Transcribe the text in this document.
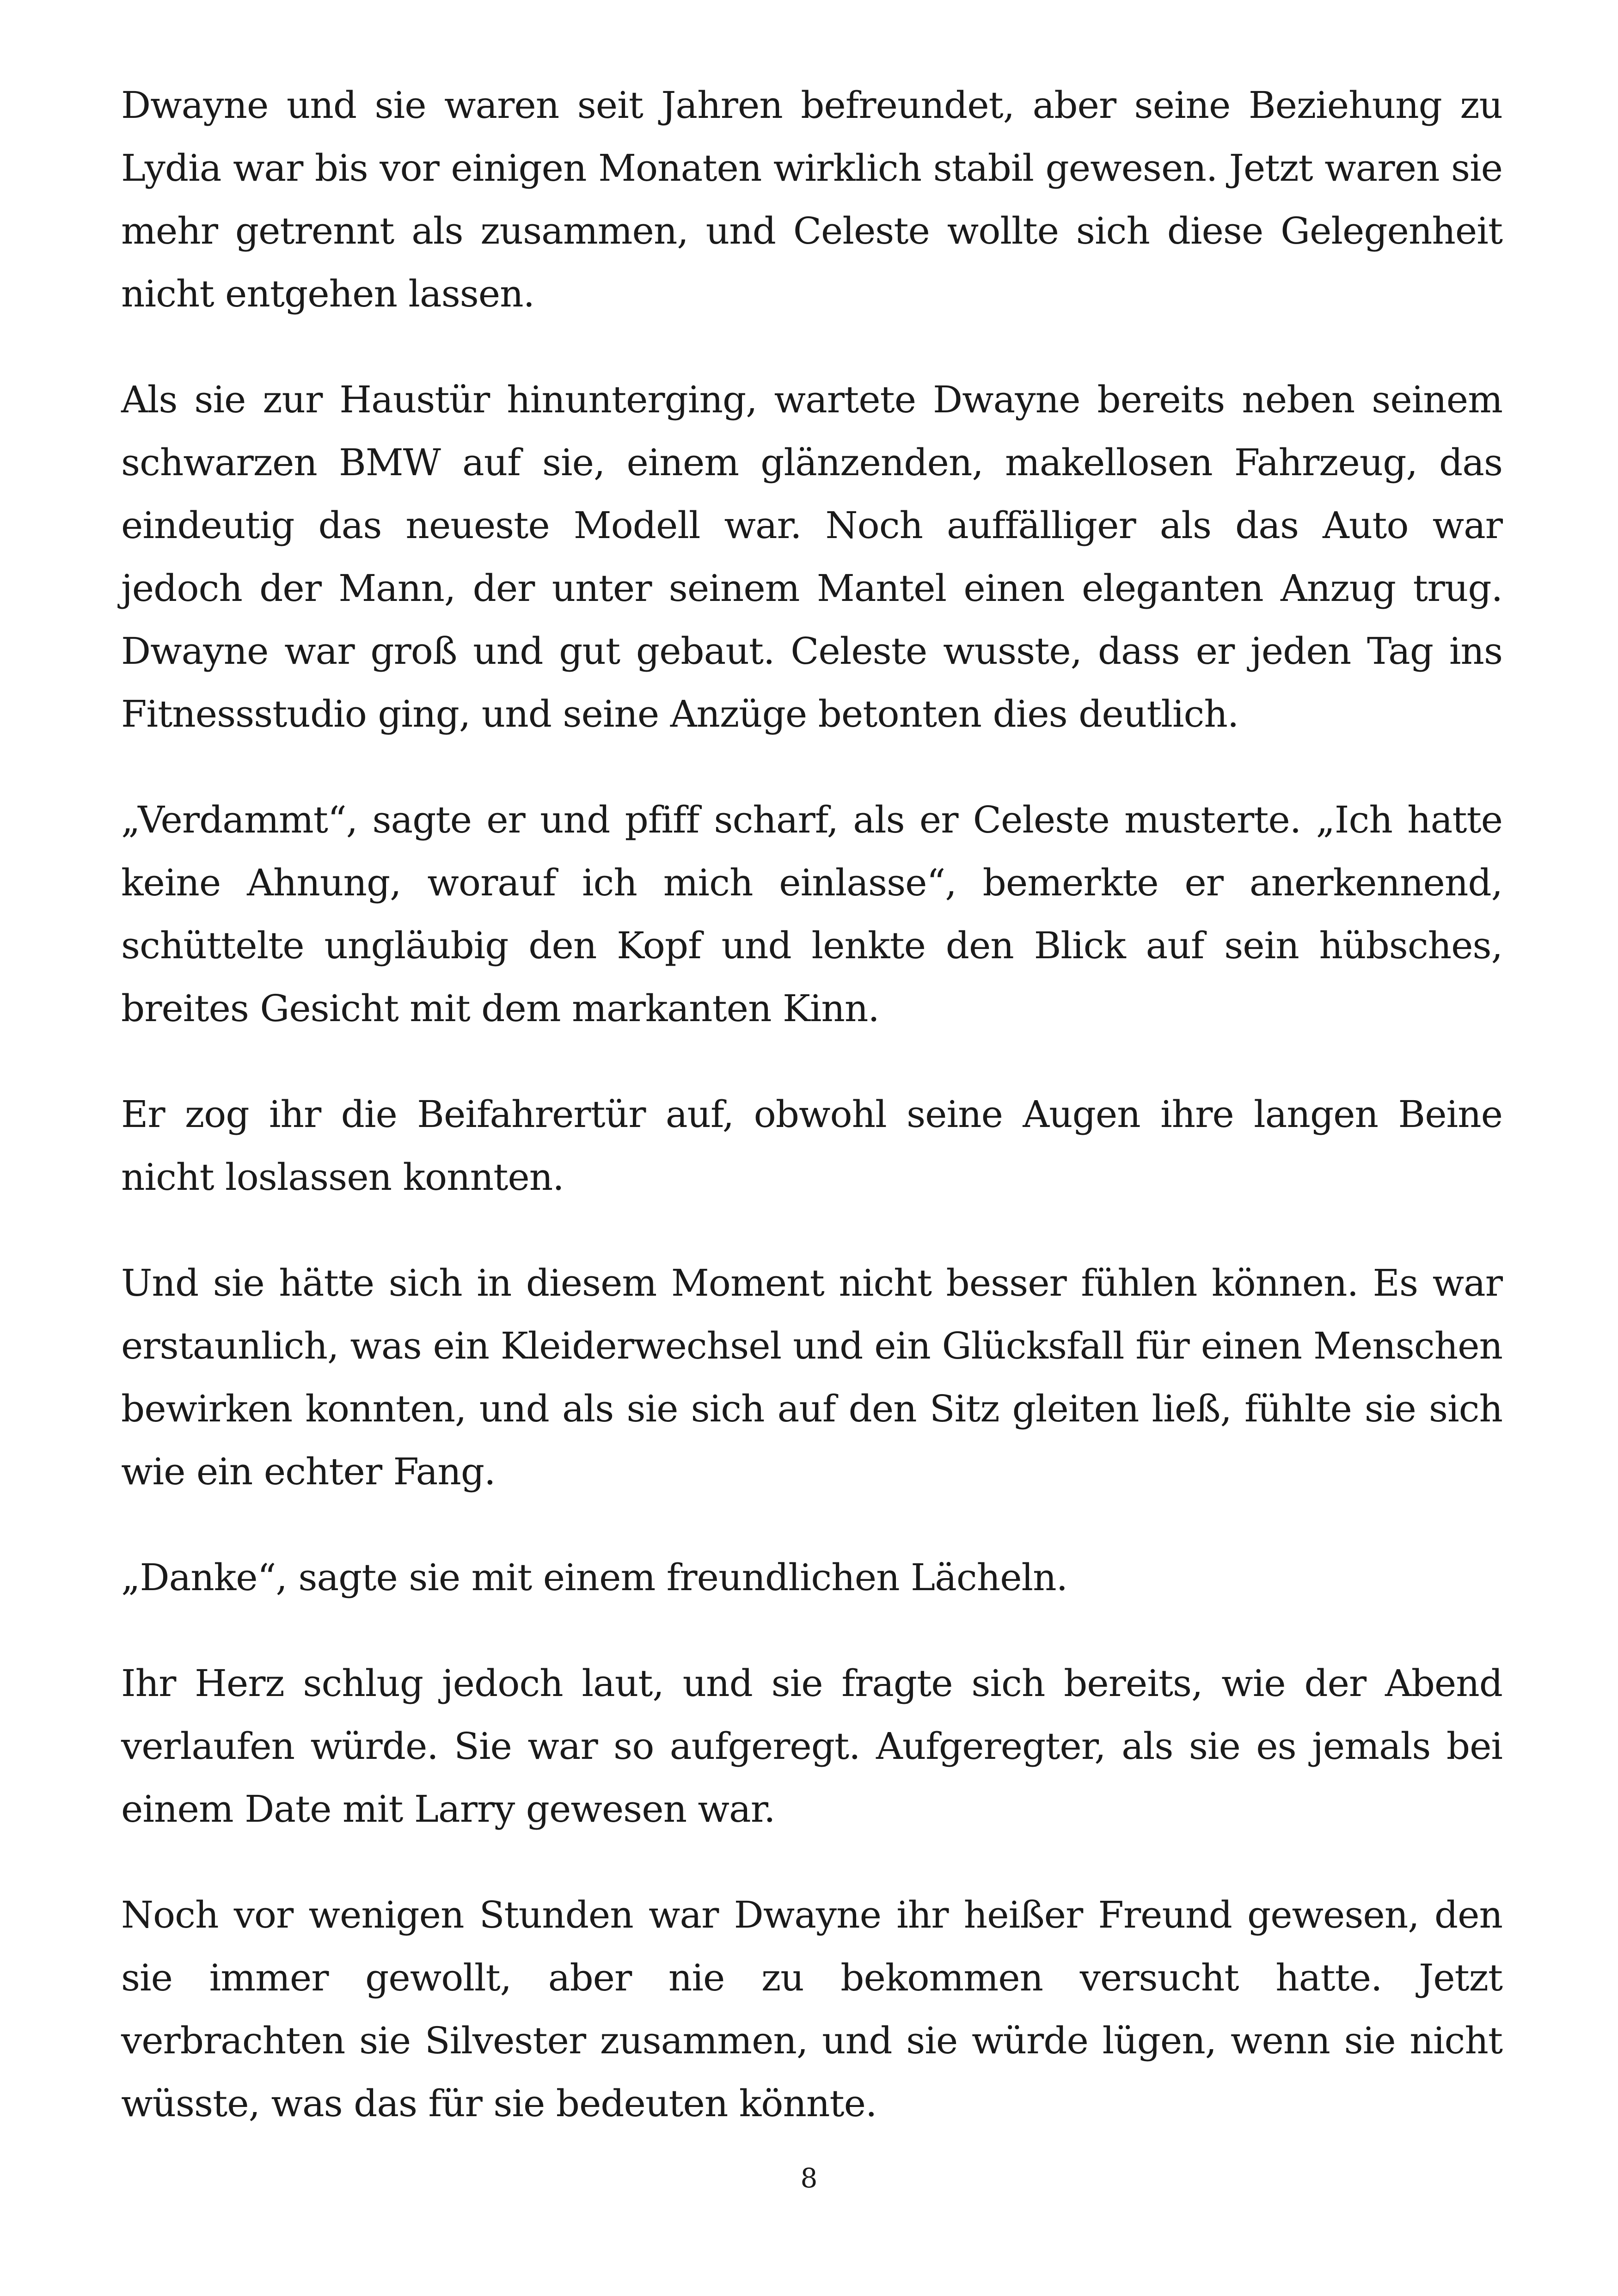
Dwayne und sie waren seit Jahren befreundet, aber seine Beziehung zu Lydia war bis vor einigen Monaten wirklich stabil gewesen. Jetzt waren sie mehr getrennt als zusammen, und Celeste wollte sich diese Gelegenheit nicht entgehen lassen.

Als sie zur Haustür hinunterging, wartete Dwayne bereits neben seinem schwarzen BMW auf sie, einem glänzenden, makellosen Fahrzeug, das eindeutig das neueste Modell war. Noch auffälliger als das Auto war jedoch der Mann, der unter seinem Mantel einen eleganten Anzug trug. Dwayne war groß und gut gebaut. Celeste wusste, dass er jeden Tag ins Fitnessstudio ging, und seine Anzüge betonten dies deutlich.

„Verdammt“, sagte er und pfiff scharf, als er Celeste musterte. „Ich hatte keine Ahnung, worauf ich mich einlasse“, bemerkte er anerkennend, schüttelte ungläubig den Kopf und lenkte den Blick auf sein hübsches, breites Gesicht mit dem markanten Kinn.

Er zog ihr die Beifahrertür auf, obwohl seine Augen ihre langen Beine nicht loslassen konnten.

Und sie hätte sich in diesem Moment nicht besser fühlen können. Es war erstaunlich, was ein Kleiderwechsel und ein Glücksfall für einen Menschen bewirken konnten, und als sie sich auf den Sitz gleiten ließ, fühlte sie sich wie ein echter Fang.

„Danke“, sagte sie mit einem freundlichen Lächeln.

Ihr Herz schlug jedoch laut, und sie fragte sich bereits, wie der Abend verlaufen würde. Sie war so aufgeregt. Aufgeregter, als sie es jemals bei einem Date mit Larry gewesen war.

Noch vor wenigen Stunden war Dwayne ihr heißer Freund gewesen, den sie immer gewollt, aber nie zu bekommen versucht hatte. Jetzt verbrachten sie Silvester zusammen, und sie würde lügen, wenn sie nicht wüsste, was das für sie bedeuten könnte.

8
